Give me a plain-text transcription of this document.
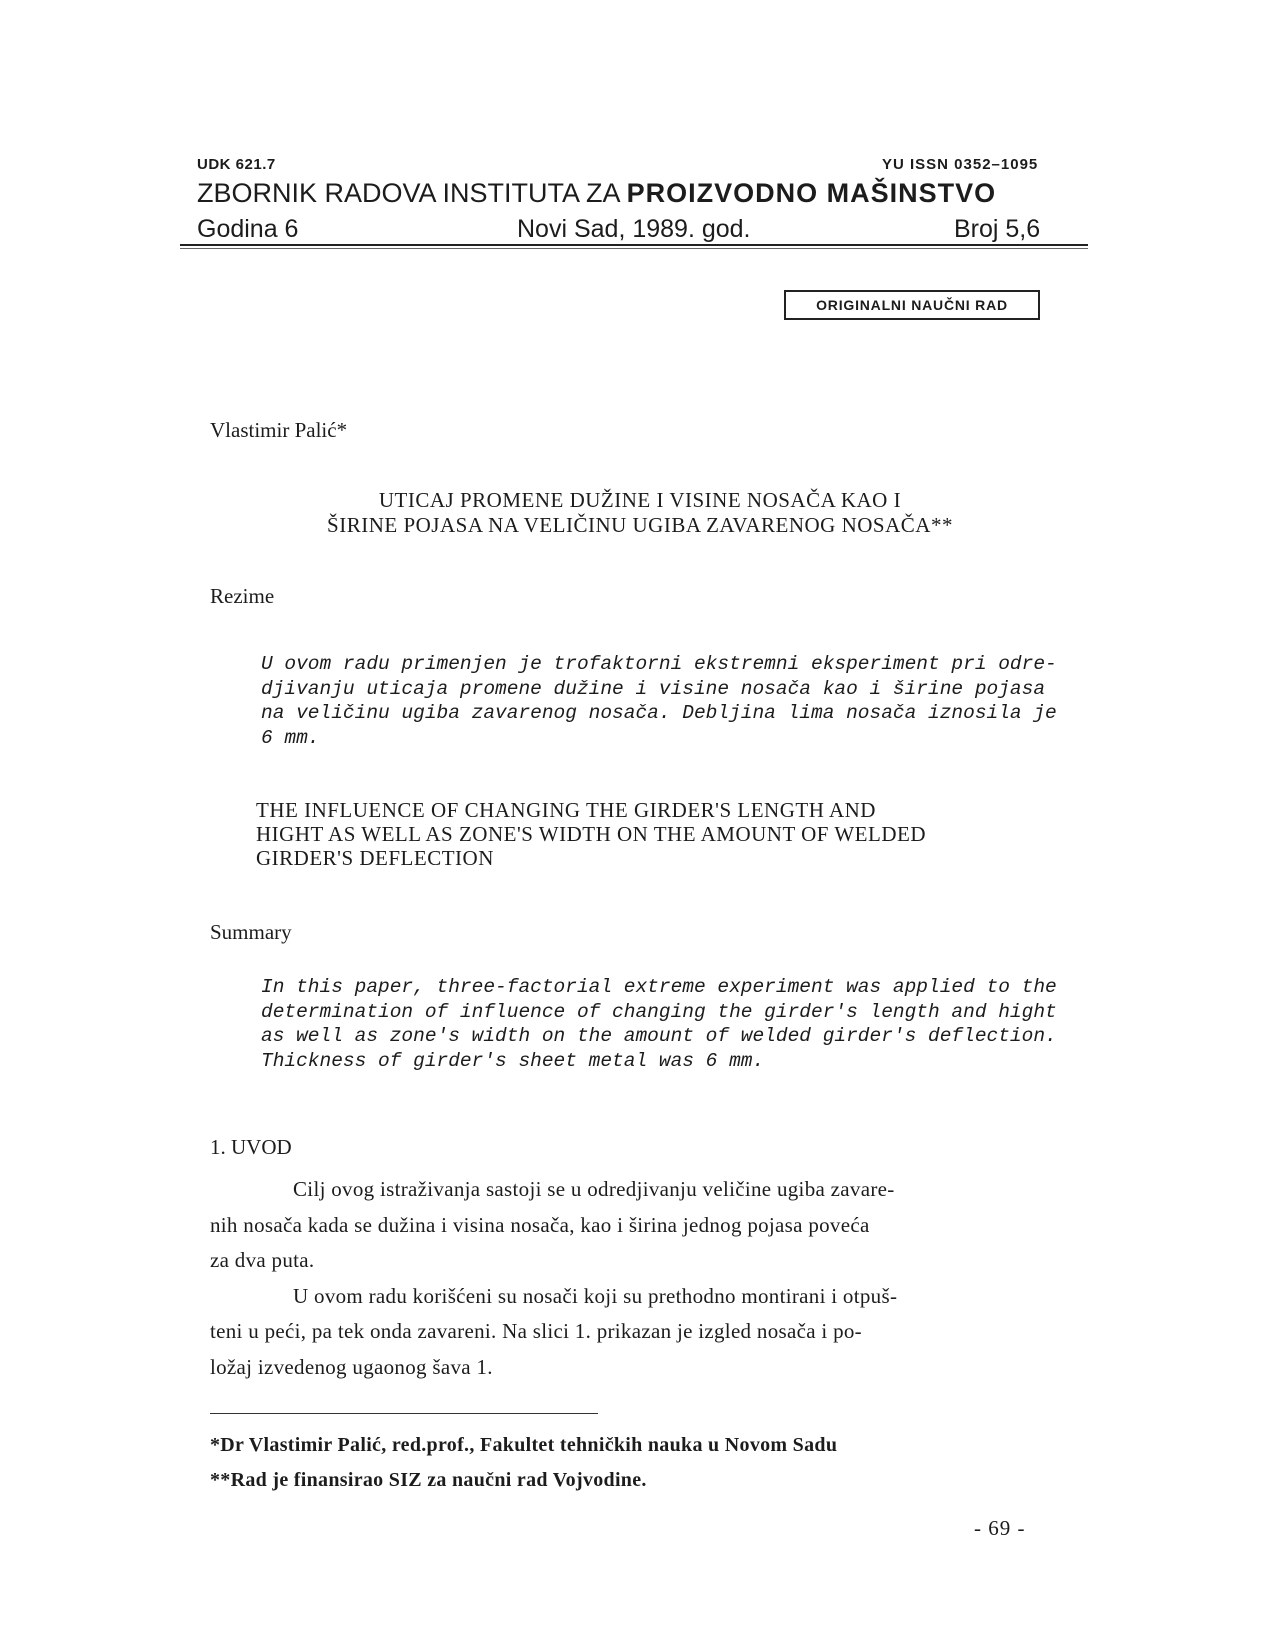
UDK 621.7	YU ISSN 0352–1095
ZBORNIK RADOVA INSTITUTA ZA PROIZVODNO MAŠINSTVO
Godina 6	Novi Sad, 1989. god.	Broj 5,6
ORIGINALNI NAUČNI RAD
Vlastimir Palić*
UTICAJ PROMENE DUŽINE I VISINE NOSAČA KAO I
ŠIRINE POJASA NA VELIČINU UGIBA ZAVARENOG NOSAČA**
Rezime
U ovom radu primenjen je trofaktorni ekstremni eksperiment pri odre-
djivanju uticaja promene dužine i visine nosača kao i širine pojasa
na veličinu ugiba zavarenog nosača. Debljina lima nosača iznosila je
6 mm.
THE INFLUENCE OF CHANGING THE GIRDER'S LENGTH AND
HIGHT AS WELL AS ZONE'S WIDTH ON THE AMOUNT OF WELDED
GIRDER'S DEFLECTION
Summary
In this paper, three-factorial extreme experiment was applied to the
determination of influence of changing the girder's length and hight
as well as zone's width on the amount of welded girder's deflection.
Thickness of girder's sheet metal was 6 mm.
1. UVOD
Cilj ovog istraživanja sastoji se u odredjivanju veličine ugiba zavare-
nih nosača kada se dužina i visina nosača, kao i širina jednog pojasa poveća
za dva puta.
U ovom radu korišćeni su nosači koji su prethodno montirani i otpuš-
teni u peći, pa tek onda zavareni. Na slici 1. prikazan je izgled nosača i po-
ložaj izvedenog ugaonog šava 1.
*Dr Vlastimir Palić, red.prof., Fakultet tehničkih nauka u Novom Sadu
**Rad je finansirao SIZ za naučni rad Vojvodine.
- 69 -
